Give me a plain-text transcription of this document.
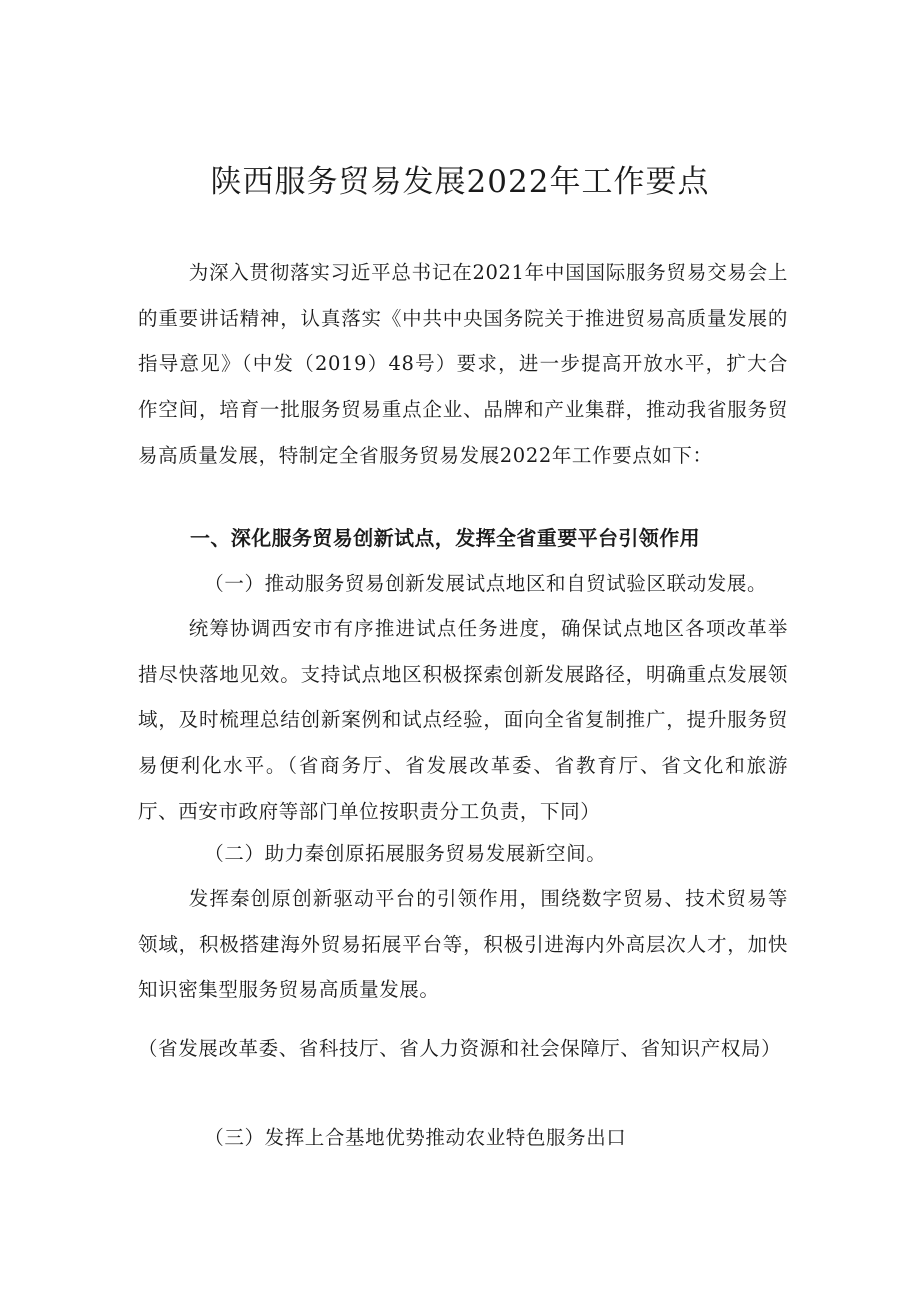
陕西服务贸易发展2022年工作要点

为深入贯彻落实习近平总书记在2021年中国国际服务贸易交易会上的重要讲话精神，认真落实《中共中央国务院关于推进贸易高质量发展的指导意见》（中发（2019）48号）要求，进一步提高开放水平，扩大合作空间，培育一批服务贸易重点企业、品牌和产业集群，推动我省服务贸易高质量发展，特制定全省服务贸易发展2022年工作要点如下：

一、深化服务贸易创新试点，发挥全省重要平台引领作用

（一）推动服务贸易创新发展试点地区和自贸试验区联动发展。

统筹协调西安市有序推进试点任务进度，确保试点地区各项改革举措尽快落地见效。支持试点地区积极探索创新发展路径，明确重点发展领域，及时梳理总结创新案例和试点经验，面向全省复制推广，提升服务贸易便利化水平。（省商务厅、省发展改革委、省教育厅、省文化和旅游厅、西安市政府等部门单位按职责分工负责，下同）

（二）助力秦创原拓展服务贸易发展新空间。

发挥秦创原创新驱动平台的引领作用，围绕数字贸易、技术贸易等领域，积极搭建海外贸易拓展平台等，积极引进海内外高层次人才，加快知识密集型服务贸易高质量发展。

（省发展改革委、省科技厅、省人力资源和社会保障厅、省知识产权局）

（三）发挥上合基地优势推动农业特色服务出口
